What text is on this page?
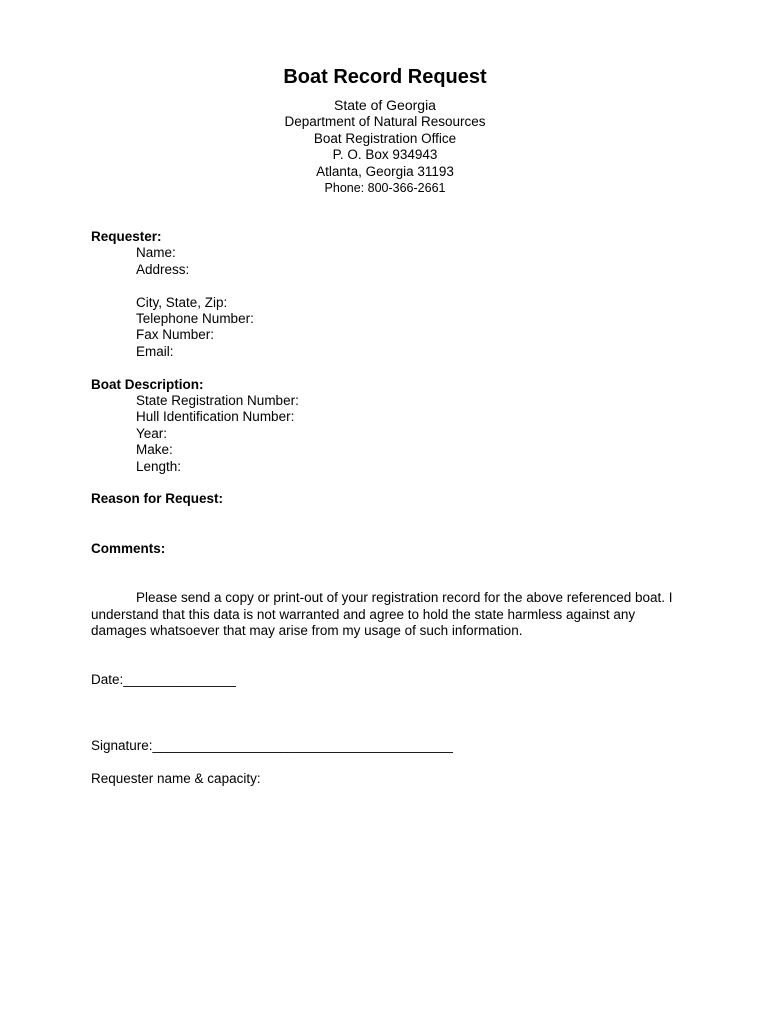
Boat Record Request

State of Georgia

Department of Natural Resources

Boat Registration Office

P. O. Box 934943

Atlanta, Georgia 31193

Phone: 800-366-2661

Requester:

Name:

Address:

City, State, Zip:

Telephone Number:

Fax Number:

Email:

Boat Description:

State Registration Number:

Hull Identification Number:

Year:

Make:

Length:

Reason for Request:

Comments:

Please send a copy or print-out of your registration record for the above referenced boat. I understand that this data is not warranted and agree to hold the state harmless against any damages whatsoever that may arise from my usage of such information.

Date:_______________

Signature:________________________________________

Requester name & capacity:
